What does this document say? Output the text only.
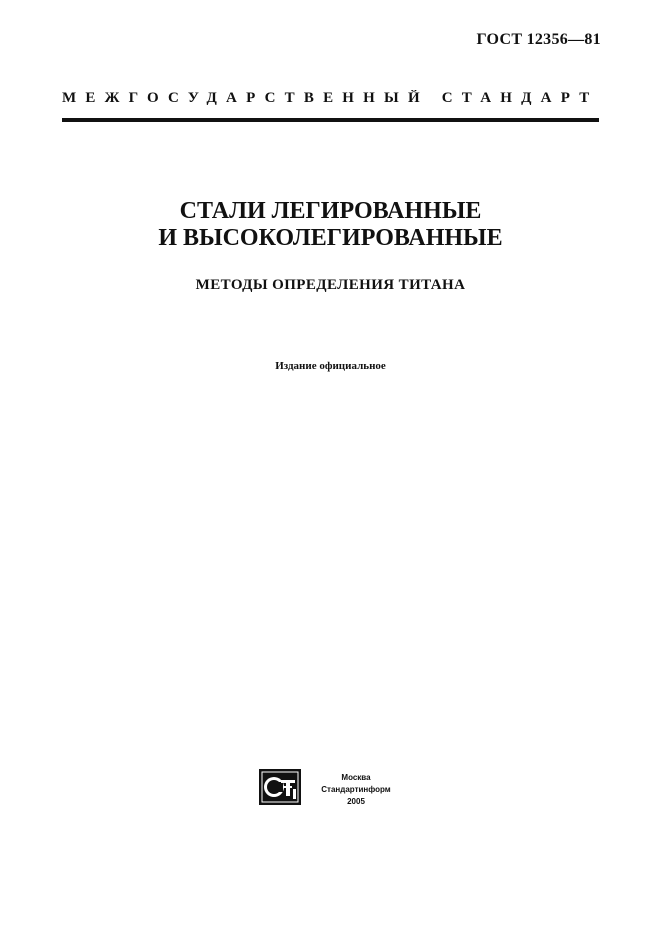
ГОСТ 12356—81
МЕЖГОСУДАРСТВЕННЫЙ СТАНДАРТ
СТАЛИ ЛЕГИРОВАННЫЕ
И ВЫСОКОЛЕГИРОВАННЫЕ
МЕТОДЫ ОПРЕДЕЛЕНИЯ ТИТАНА
Издание официальное
Москва
Стандартинформ
2005
